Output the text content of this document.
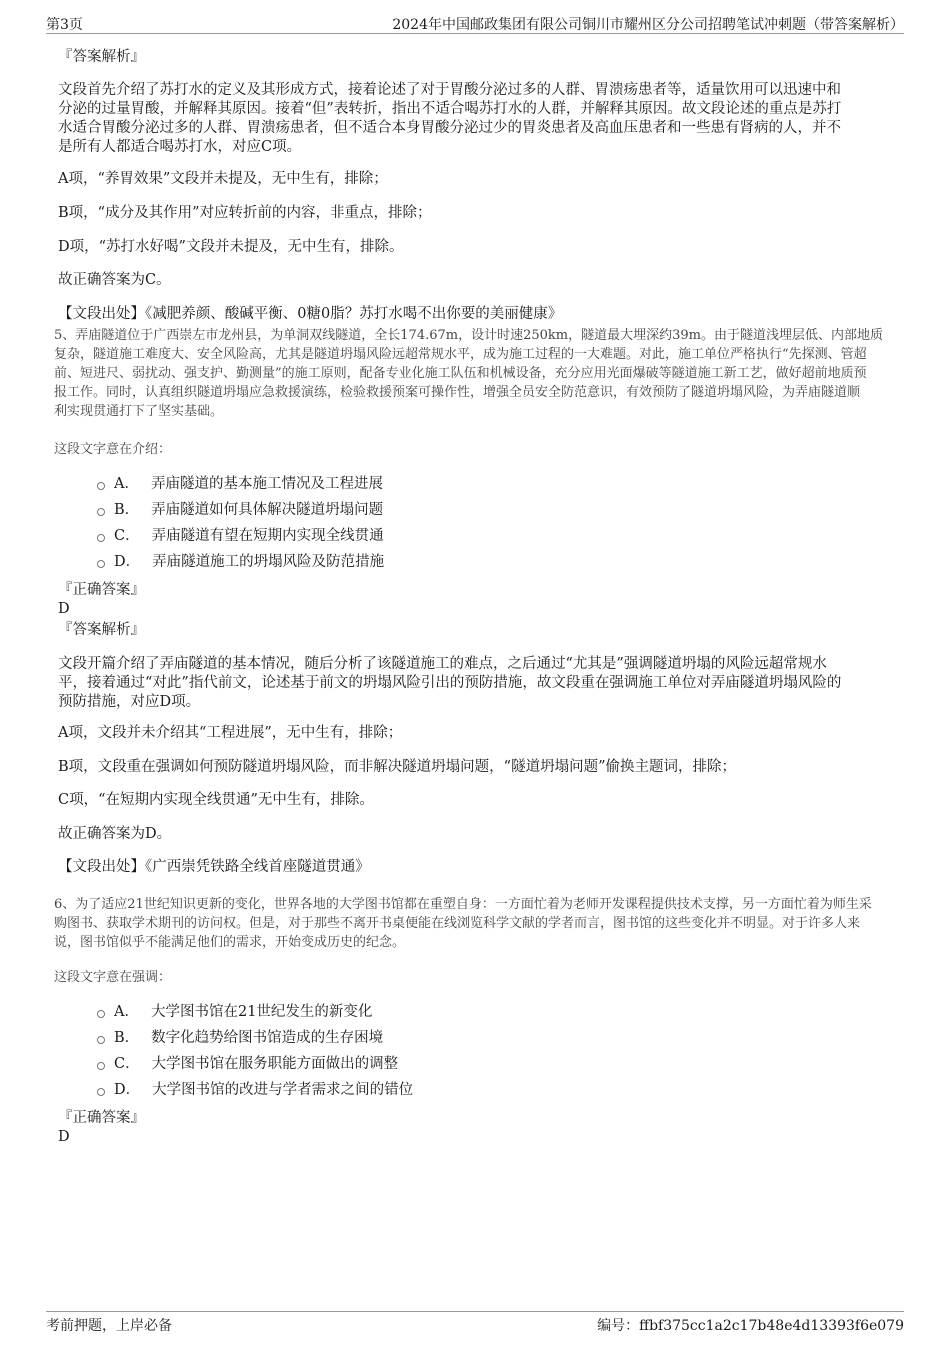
第3页	2024年中国邮政集团有限公司铜川市耀州区分公司招聘笔试冲刺题（带答案解析）
『答案解析』
文段首先介绍了苏打水的定义及其形成方式，接着论述了对于胃酸分泌过多的人群、胃溃疡患者等，适量饮用可以迅速中和
分泌的过量胃酸，并解释其原因。接着“但”表转折，指出不适合喝苏打水的人群，并解释其原因。故文段论述的重点是苏打
水适合胃酸分泌过多的人群、胃溃疡患者，但不适合本身胃酸分泌过少的胃炎患者及高血压患者和一些患有肾病的人，并不
是所有人都适合喝苏打水，对应C项。
A项，“养胃效果”文段并未提及，无中生有，排除；
B项，“成分及其作用”对应转折前的内容，非重点，排除；
D项，“苏打水好喝”文段并未提及，无中生有，排除。
故正确答案为C。
【文段出处】《减肥养颜、酸碱平衡、0糖0脂？苏打水喝不出你要的美丽健康》
5、弄庙隧道位于广西崇左市龙州县，为单洞双线隧道，全长174.67m，设计时速250km，隧道最大埋深约39m。由于隧道浅埋层低、内部地质
复杂，隧道施工难度大、安全风险高，尤其是隧道坍塌风险远超常规水平，成为施工过程的一大难题。对此，施工单位严格执行“先探测、管超
前、短进尺、弱扰动、强支护、勤测量”的施工原则，配备专业化施工队伍和机械设备，充分应用光面爆破等隧道施工新工艺，做好超前地质预
报工作。同时，认真组织隧道坍塌应急救援演练，检验救援预案可操作性，增强全员安全防范意识，有效预防了隧道坍塌风险，为弄庙隧道顺
利实现贯通打下了坚实基础。
这段文字意在介绍：
A． 弄庙隧道的基本施工情况及工程进展
B． 弄庙隧道如何具体解决隧道坍塌问题
C． 弄庙隧道有望在短期内实现全线贯通
D． 弄庙隧道施工的坍塌风险及防范措施
『正确答案』
D
『答案解析』
文段开篇介绍了弄庙隧道的基本情况，随后分析了该隧道施工的难点，之后通过“尤其是”强调隧道坍塌的风险远超常规水
平，接着通过“对此”指代前文，论述基于前文的坍塌风险引出的预防措施，故文段重在强调施工单位对弄庙隧道坍塌风险的
预防措施，对应D项。
A项，文段并未介绍其“工程进展”，无中生有，排除；
B项，文段重在强调如何预防隧道坍塌风险，而非解决隧道坍塌问题，“隧道坍塌问题”偷换主题词，排除；
C项，“在短期内实现全线贯通”无中生有，排除。
故正确答案为D。
【文段出处】《广西崇凭铁路全线首座隧道贯通》
6、为了适应21世纪知识更新的变化，世界各地的大学图书馆都在重塑自身：一方面忙着为老师开发课程提供技术支撑，另一方面忙着为师生采
购图书、获取学术期刊的访问权。但是，对于那些不离开书桌便能在线浏览科学文献的学者而言，图书馆的这些变化并不明显。对于许多人来
说，图书馆似乎不能满足他们的需求，开始变成历史的纪念。
这段文字意在强调：
A． 大学图书馆在21世纪发生的新变化
B． 数字化趋势给图书馆造成的生存困境
C． 大学图书馆在服务职能方面做出的调整
D． 大学图书馆的改进与学者需求之间的错位
『正确答案』
D
考前押题，上岸必备	编号：ffbf375cc1a2c17b48e4d13393f6e079
